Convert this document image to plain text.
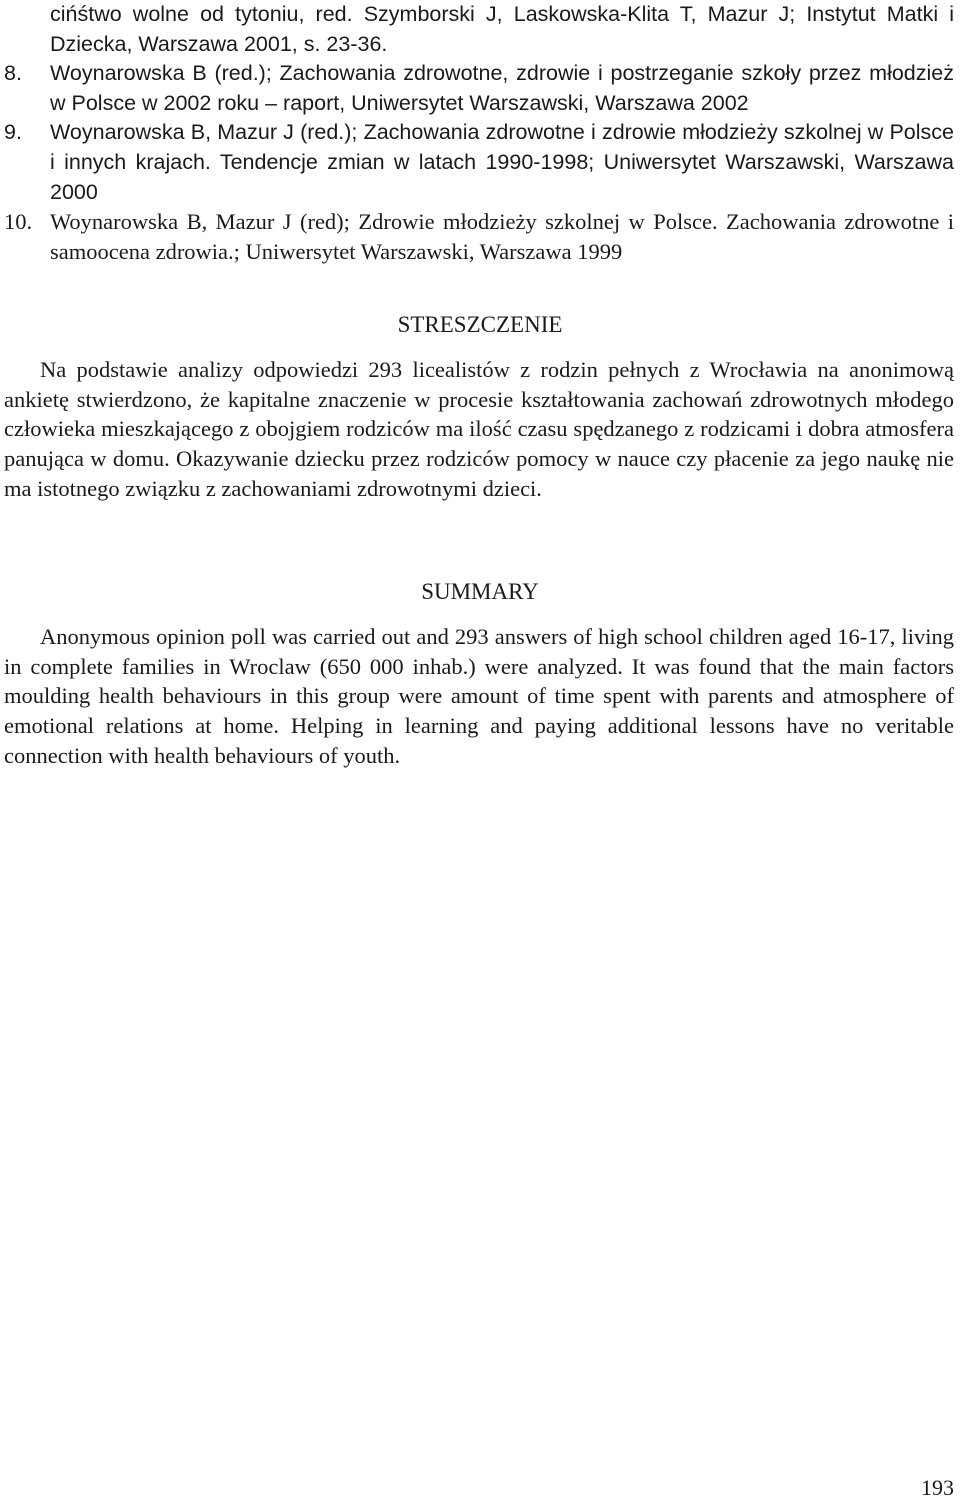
cińśtwo wolne od tytoniu, red. Szymborski J, Laskowska-Klita T, Mazur J; Instytut Matki i Dziecka, Warszawa 2001, s. 23-36.
8. Woynarowska B (red.); Zachowania zdrowotne, zdrowie i postrzeganie szkoły przez młodzież w Polsce w 2002 roku – raport, Uniwersytet Warszawski, Warszawa 2002
9. Woynarowska B, Mazur J (red.); Zachowania zdrowotne i zdrowie młodzieży szkolnej w Polsce i innych krajach. Tendencje zmian w latach 1990-1998; Uniwersytet Warszawski, Warszawa 2000
10. Woynarowska B, Mazur J (red); Zdrowie młodzieży szkolnej w Polsce. Zachowania zdrowotne i samoocena zdrowia.; Uniwersytet Warszawski, Warszawa 1999
STRESZCZENIE

Na podstawie analizy odpowiedzi 293 licealistów z rodzin pełnych z Wrocławia na anonimową ankietę stwierdzono, że kapitalne znaczenie w procesie kształtowania zachowań zdrowotnych młodego człowieka mieszkającego z obojgiem rodziców ma ilość czasu spędzanego z rodzicami i dobra atmosfera panująca w domu. Okazywanie dziecku przez rodziców pomocy w nauce czy płacenie za jego naukę nie ma istotnego związku z zachowaniami zdrowotnymi dzieci.

SUMMARY

Anonymous opinion poll was carried out and 293 answers of high school children aged 16-17, living in complete families in Wroclaw (650 000 inhab.) were analyzed. It was found that the main factors moulding health behaviours in this group were amount of time spent with parents and atmosphere of emotional relations at home. Helping in learning and paying additional lessons have no veritable connection with health behaviours of youth.

193
